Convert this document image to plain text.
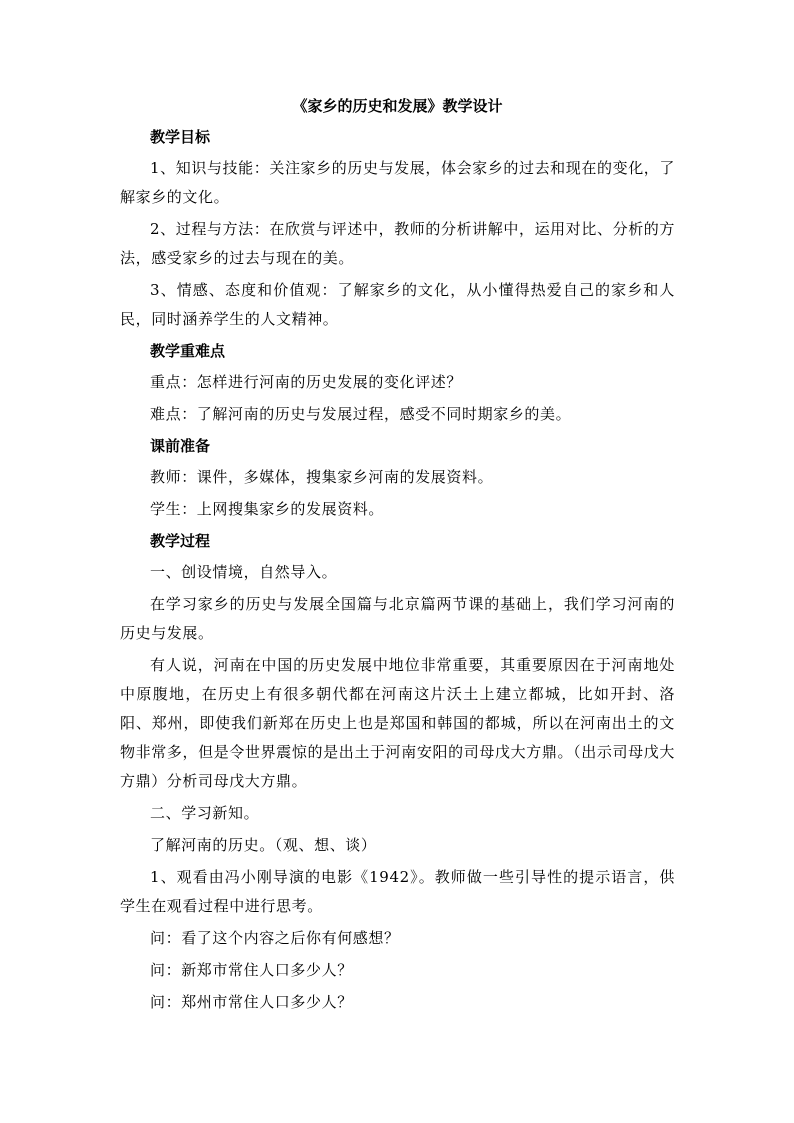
《家乡的历史和发展》教学设计
教学目标
1、知识与技能：关注家乡的历史与发展，体会家乡的过去和现在的变化，了解家乡的文化。
2、过程与方法：在欣赏与评述中，教师的分析讲解中，运用对比、分析的方法，感受家乡的过去与现在的美。
3、情感、态度和价值观：了解家乡的文化，从小懂得热爱自己的家乡和人民，同时涵养学生的人文精神。
教学重难点
重点：怎样进行河南的历史发展的变化评述？
难点：了解河南的历史与发展过程，感受不同时期家乡的美。
课前准备
教师：课件，多媒体，搜集家乡河南的发展资料。
学生：上网搜集家乡的发展资料。
教学过程
一、创设情境，自然导入。
在学习家乡的历史与发展全国篇与北京篇两节课的基础上，我们学习河南的历史与发展。
有人说，河南在中国的历史发展中地位非常重要，其重要原因在于河南地处中原腹地，在历史上有很多朝代都在河南这片沃土上建立都城，比如开封、洛阳、郑州，即使我们新郑在历史上也是郑国和韩国的都城，所以在河南出土的文物非常多，但是令世界震惊的是出土于河南安阳的司母戊大方鼎。（出示司母戊大方鼎）分析司母戊大方鼎。
二、学习新知。
了解河南的历史。（观、想、谈）
1、观看由冯小刚导演的电影《1942》。教师做一些引导性的提示语言，供学生在观看过程中进行思考。
问：看了这个内容之后你有何感想？
问：新郑市常住人口多少人？
问：郑州市常住人口多少人？
